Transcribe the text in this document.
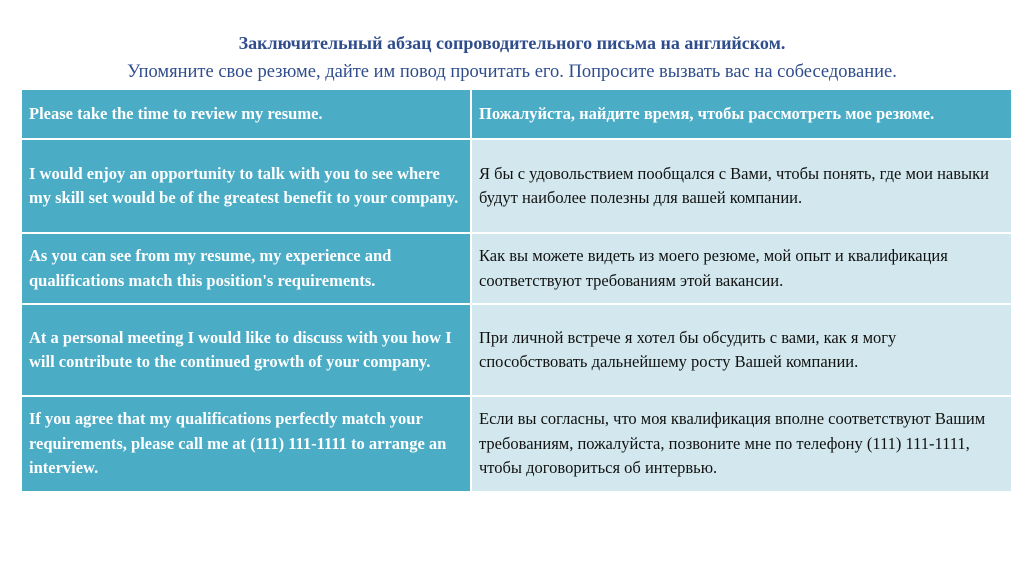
Заключительный абзац сопроводительного письма на английском.
Упомяните свое резюме, дайте им повод прочитать его. Попросите вызвать вас на собеседование.
Please take the time to review my resume.	Пожалуйста, найдите время, чтобы рассмотреть мое резюме.
I would enjoy an opportunity to talk with you to see where my skill set would be of the greatest benefit to your company.	Я бы с удовольствием пообщался с Вами, чтобы понять, где мои навыки будут наиболее полезны для вашей компании.
As you can see from my resume, my experience and qualifications match this position's requirements.	Как вы можете видеть из моего резюме, мой опыт и квалификация соответствуют требованиям этой вакансии.
At a personal meeting I would like to discuss with you how I will contribute to the continued growth of your company.	При личной встрече я хотел бы обсудить с вами, как я могу способствовать дальнейшему росту Вашей компании.
If you agree that my qualifications perfectly match your requirements, please call me at (111) 111-1111 to arrange an interview.	Если вы согласны, что моя квалификация вполне соответствуют Вашим требованиям, пожалуйста, позвоните мне по телефону (111) 111-1111, чтобы договориться об интервью.
